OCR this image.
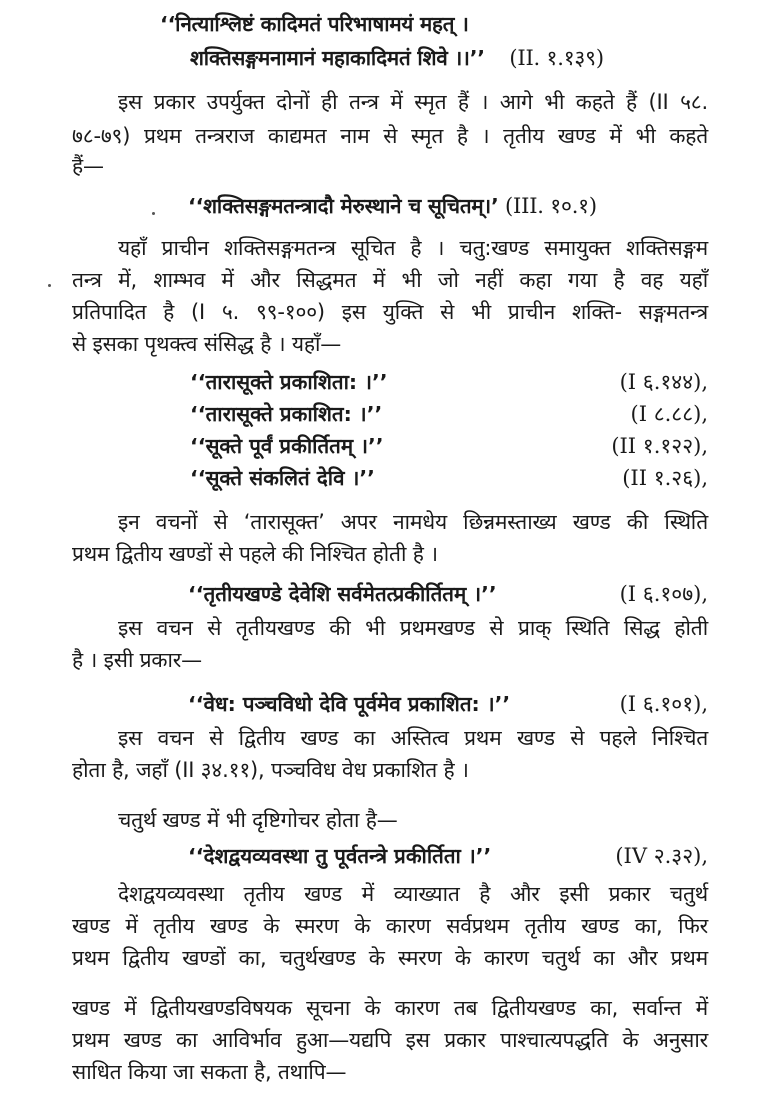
‘‘नित्याश्लिष्टं कादिमतं परिभाषामयं महत् ।
शक्तिसङ्गमनामानं महाकादिमतं शिवे ।।’’ (II. १.१३९)
इस प्रकार उपर्युक्त दोनों ही तन्त्र में स्मृत हैं । आगे भी कहते हैं (II ५८.
७८-७९) प्रथम तन्त्रराज काद्यमत नाम से स्मृत है । तृतीय खण्ड में भी कहते
हैं—
‘‘शक्तिसङ्गमतन्त्रादौ मेरुस्थाने च सूचितम्।’ (III. १०.१)
यहाँ प्राचीन शक्तिसङ्गमतन्त्र सूचित है । चतु:खण्ड समायुक्त शक्तिसङ्गम
तन्त्र में, शाम्भव में और सिद्धमत में भी जो नहीं कहा गया है वह यहाँ
प्रतिपादित है (I ५. ९९-१००) इस युक्ति से भी प्राचीन शक्ति- सङ्गमतन्त्र
से इसका पृथक्त्व संसिद्ध है । यहाँ—
‘‘तारासूक्ते प्रकाशिता: ।’’	(I ६.१४४),
‘‘तारासूक्ते प्रकाशित: ।’’	(I ८.८८),
‘‘सूक्ते पूर्वं प्रकीर्तितम् ।’’	(II १.१२२),
‘‘सूक्ते संकलितं देवि ।’’	(II १.२६),
इन वचनों से ‘तारासूक्त’ अपर नामधेय छिन्नमस्ताख्य खण्ड की स्थिति
प्रथम द्वितीय खण्डों से पहले की निश्चित होती है ।
‘‘तृतीयखण्डे देवेशि सर्वमेतत्प्रकीर्तितम् ।’’	(I ६.१०७),
इस वचन से तृतीयखण्ड की भी प्रथमखण्ड से प्राक् स्थिति सिद्ध होती
है । इसी प्रकार—
‘‘वेध: पञ्चविधो देवि पूर्वमेव प्रकाशित: ।’’	(I ६.१०१),
इस वचन से द्वितीय खण्ड का अस्तित्व प्रथम खण्ड से पहले निश्चित
होता है, जहाँ (II ३४.११), पञ्चविध वेध प्रकाशित है ।
चतुर्थ खण्ड में भी दृष्टिगोचर होता है—
‘‘देशद्वयव्यवस्था तु पूर्वतन्त्रे प्रकीर्तिता ।’’	(IV २.३२),
देशद्वयव्यवस्था तृतीय खण्ड में व्याख्यात है और इसी प्रकार चतुर्थ
खण्ड में तृतीय खण्ड के स्मरण के कारण सर्वप्रथम तृतीय खण्ड का, फिर
प्रथम द्वितीय खण्डों का, चतुर्थखण्ड के स्मरण के कारण चतुर्थ का और प्रथम
खण्ड में द्वितीयखण्डविषयक सूचना के कारण तब द्वितीयखण्ड का, सर्वान्त में
प्रथम खण्ड का आविर्भाव हुआ—यद्यपि इस प्रकार पाश्चात्यपद्धति के अनुसार
साधित किया जा सकता है, तथापि—
